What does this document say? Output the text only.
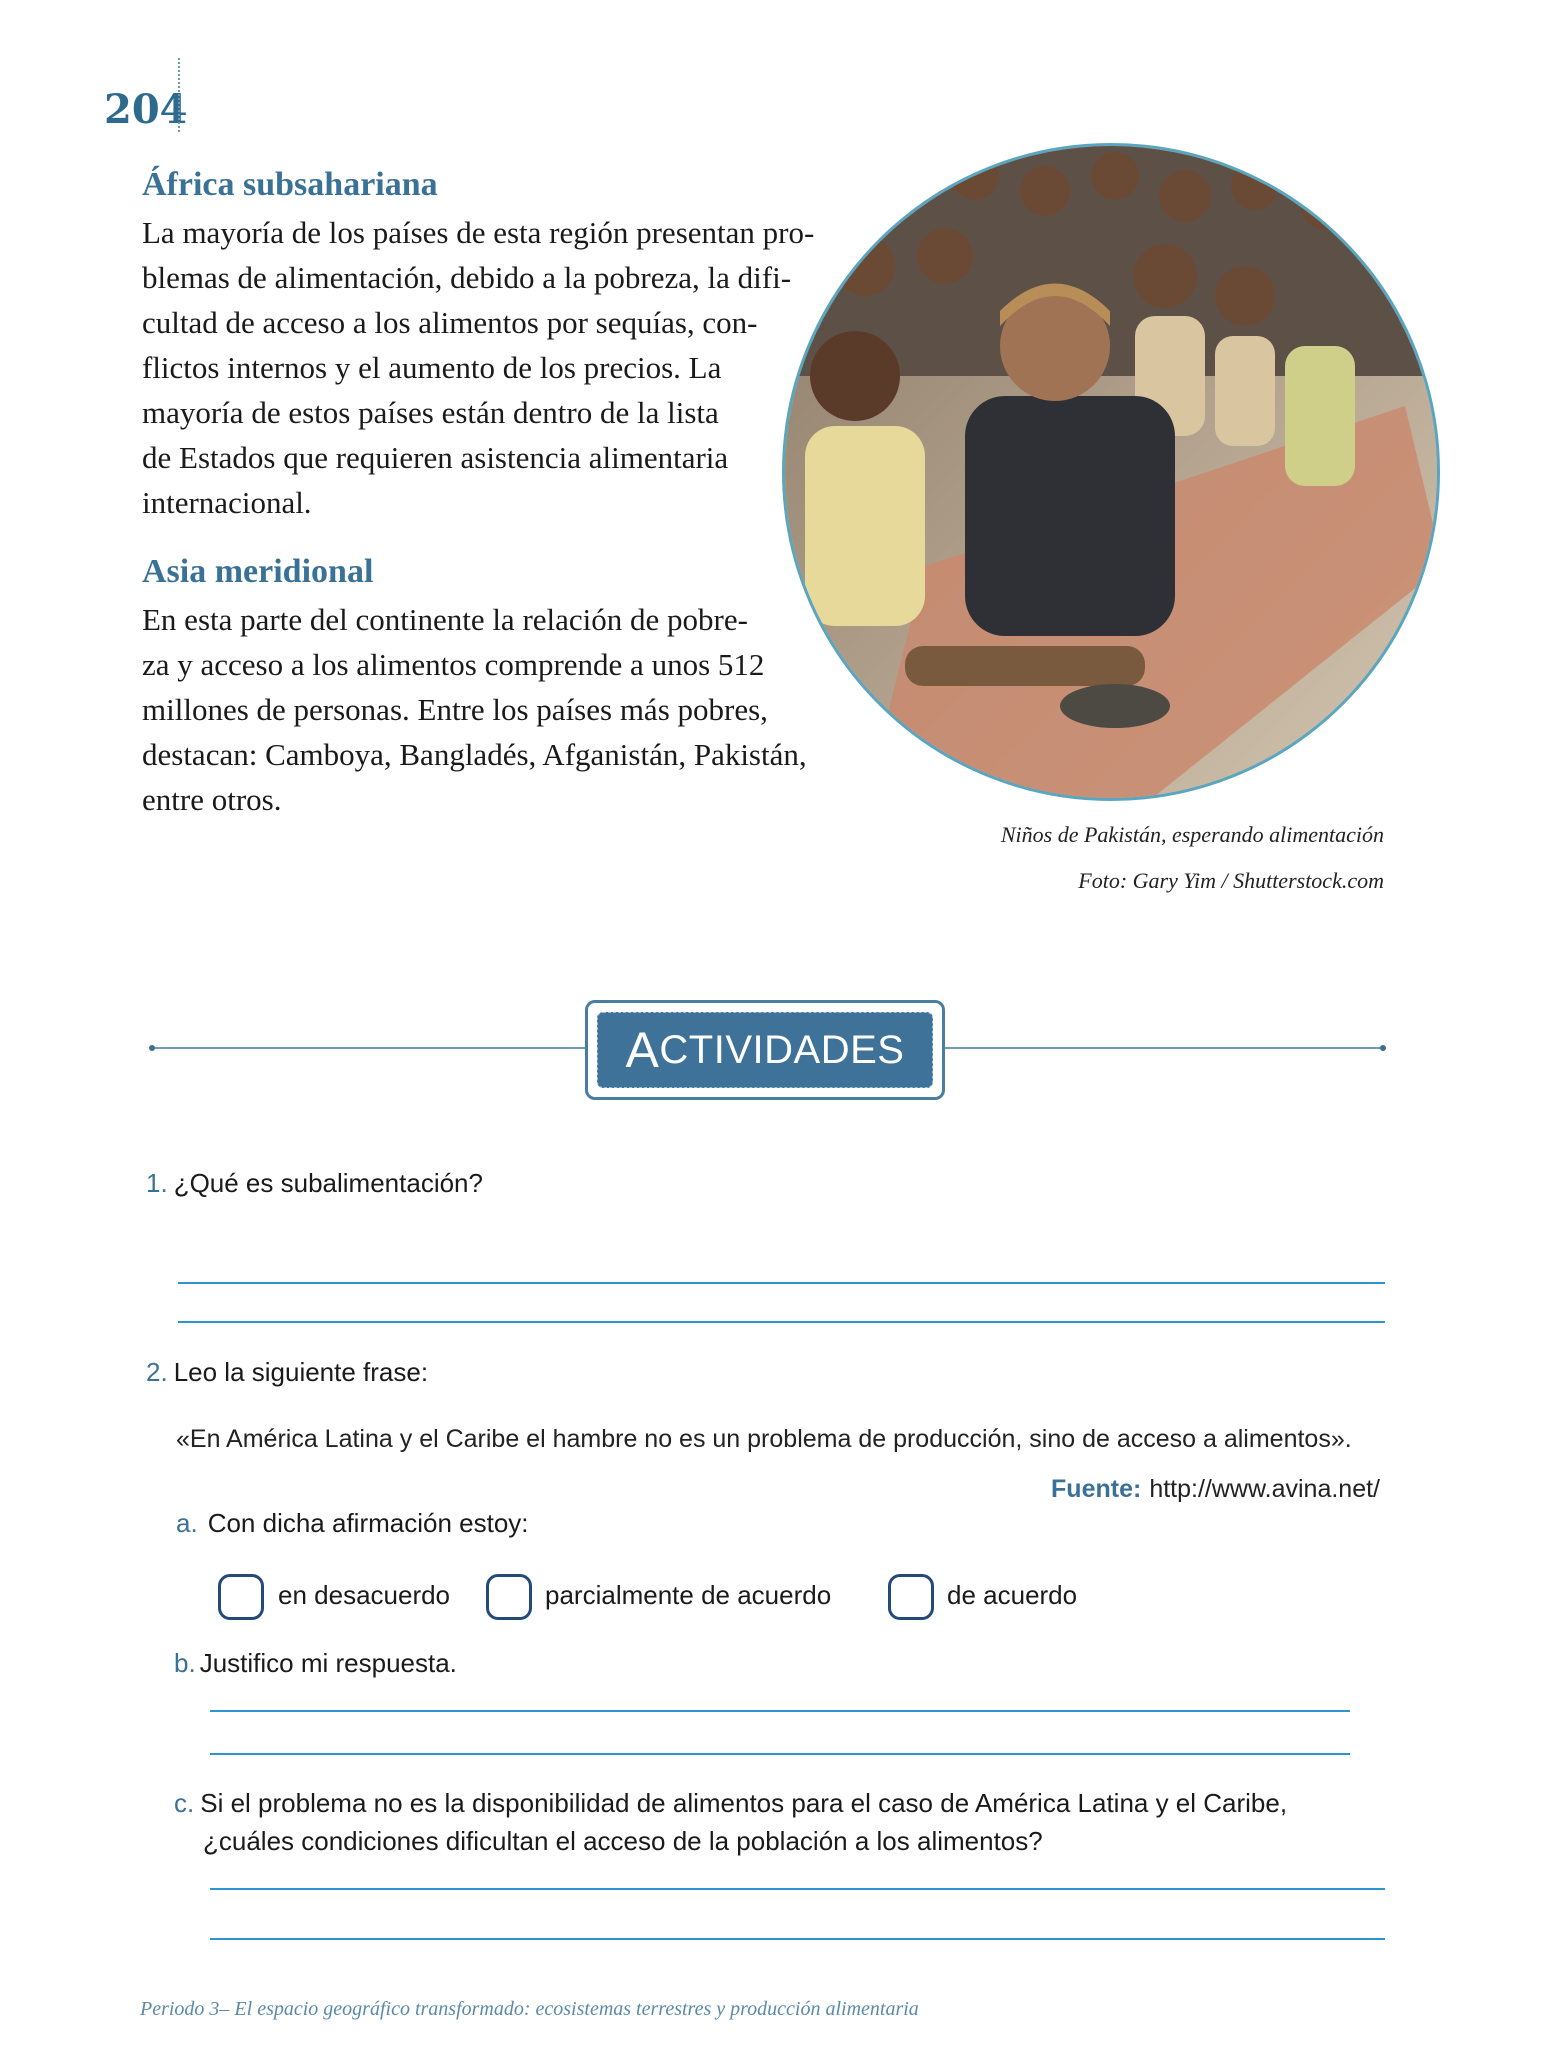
204
África subsahariana
La mayoría de los países de esta región presentan pro-
blemas de alimentación, debido a la pobreza, la difi-
cultad de acceso a los alimentos por sequías, con-
flictos internos y el aumento de los precios. La
mayoría de estos países están dentro de la lista
de Estados que requieren asistencia alimentaria
internacional.
Asia meridional
En esta parte del continente la relación de pobre-
za y acceso a los alimentos comprende a unos 512
millones de personas. Entre los países más pobres,
destacan: Camboya, Bangladés, Afganistán, Pakistán,
entre otros.
Niños de Pakistán, esperando alimentación
Foto: Gary Yim / Shutterstock.com
A CTIVIDADES
1. ¿Qué es subalimentación?
2. Leo la siguiente frase:
«En América Latina y el Caribe el hambre no es un problema de producción, sino de acceso a alimentos».
Fuente: http://www.avina.net/
a. Con dicha afirmación estoy:
en desacuerdo	parcialmente de acuerdo	de acuerdo
b. Justifico mi respuesta.
c. Si el problema no es la disponibilidad de alimentos para el caso de América Latina y el Caribe,
¿cuáles condiciones dificultan el acceso de la población a los alimentos?
Periodo 3– El espacio geográfico transformado: ecosistemas terrestres y producción alimentaria
